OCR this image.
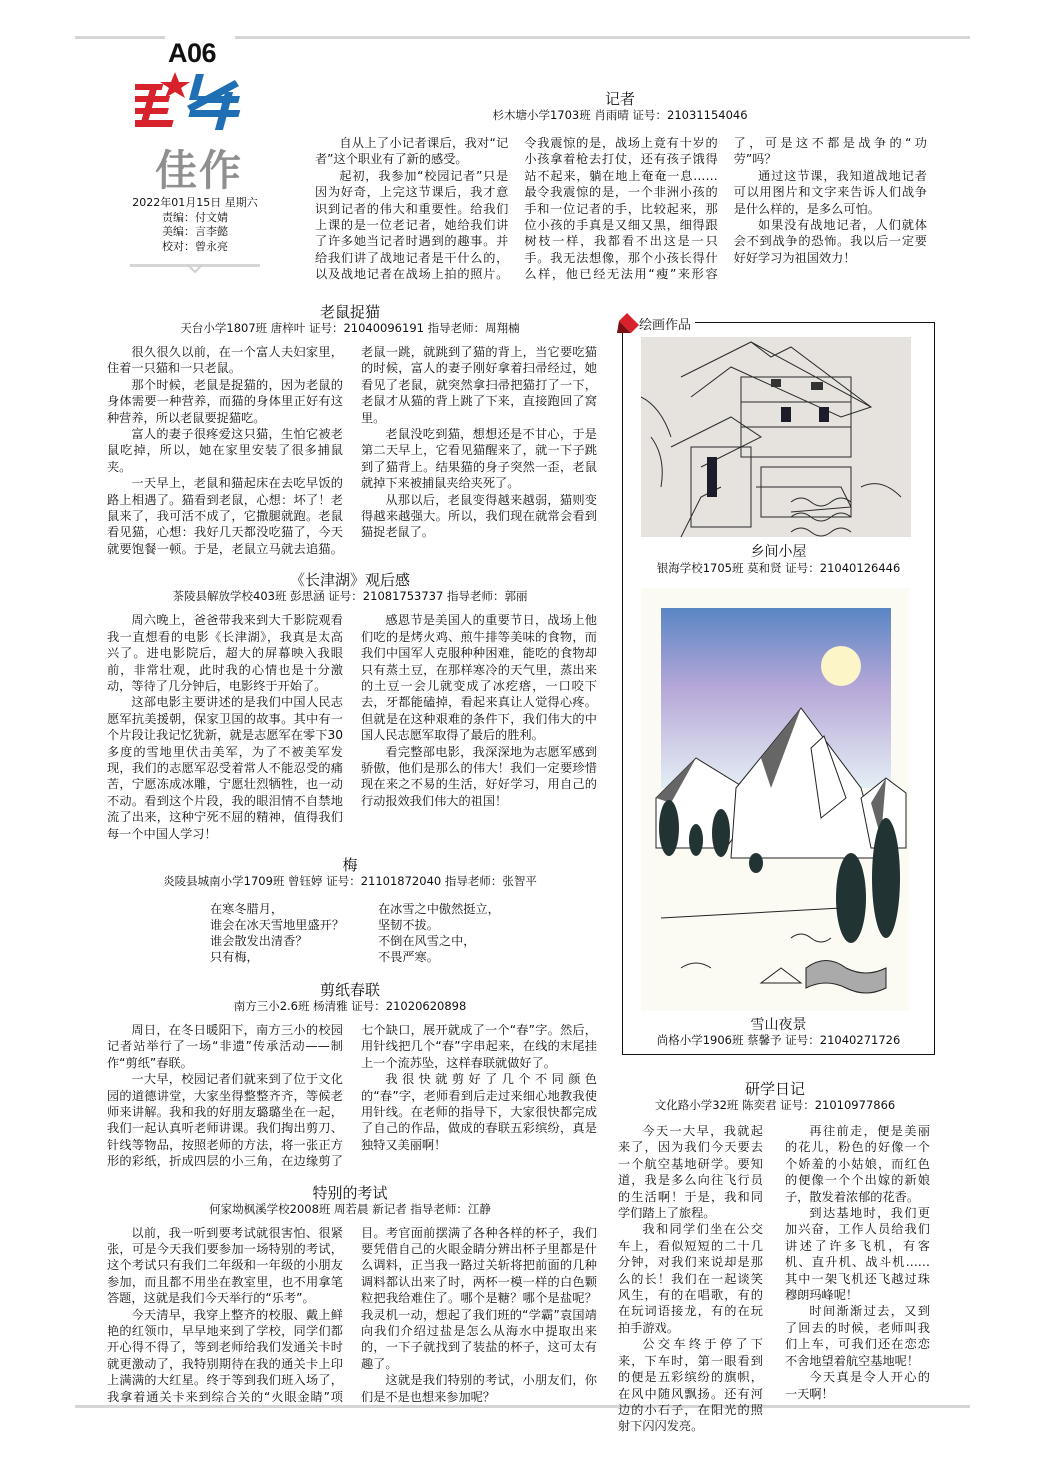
A06
佳作
2022年01月15日 星期六
责编：付文婧
美编：言李懿
校对：曾永亮
记者
杉木塘小学1703班 肖雨晴 证号：21031154046

自从上了小记者课后，我对“记者”这个职业有了新的感受。

起初，我参加“校园记者”只是因为好奇，上完这节课后，我才意识到记者的伟大和重要性。给我们上课的是一位老记者，她给我们讲了许多她当记者时遇到的趣事。并给我们讲了战地记者是干什么的，以及战地记者在战场上拍的照片。令我震惊的是，战场上竟有十岁的小孩拿着枪去打仗，还有孩子饿得站不起来，躺在地上奄奄一息……最令我震惊的是，一个非洲小孩的手和一位记者的手，比较起来，那位小孩的手真是又细又黑，细得跟树枝一样，我都看不出这是一只手。我无法想像，那个小孩长得什么样，他已经无法用“瘦”来形容了，可是这不都是战争的“功劳”吗？

通过这节课，我知道战地记者可以用图片和文字来告诉人们战争是什么样的，是多么可怕。

如果没有战地记者，人们就体会不到战争的恐怖。我以后一定要好好学习为祖国效力！

老鼠捉猫
天台小学1807班 唐梓叶 证号：21040096191 指导老师：周翔楠

很久很久以前，在一个富人夫妇家里，住着一只猫和一只老鼠。

那个时候，老鼠是捉猫的，因为老鼠的身体需要一种营养，而猫的身体里正好有这种营养，所以老鼠要捉猫吃。

富人的妻子很疼爱这只猫，生怕它被老鼠吃掉，所以，她在家里安装了很多捕鼠夹。

一天早上，老鼠和猫起床在去吃早饭的路上相遇了。猫看到老鼠，心想：坏了！老鼠来了，我可活不成了，它撒腿就跑。老鼠看见猫，心想：我好几天都没吃猫了，今天就要饱餐一顿。于是，老鼠立马就去追猫。老鼠一跳，就跳到了猫的背上，当它要吃猫的时候，富人的妻子刚好拿着扫帚经过，她看见了老鼠，就突然拿扫帚把猫打了一下，老鼠才从猫的背上跳了下来，直接跑回了窝里。

老鼠没吃到猫，想想还是不甘心，于是第二天早上，它看见猫醒来了，就一下子跳到了猫背上。结果猫的身子突然一歪，老鼠就掉下来被捕鼠夹给夹死了。

从那以后，老鼠变得越来越弱，猫则变得越来越强大。所以，我们现在就常会看到猫捉老鼠了。

《长津湖》观后感
茶陵县解放学校403班 彭思涵 证号：21081753737 指导老师：郭丽

周六晚上，爸爸带我来到大千影院观看我一直想看的电影《长津湖》，我真是太高兴了。进电影院后，超大的屏幕映入我眼前，非常壮观，此时我的心情也是十分激动，等待了几分钟后，电影终于开始了。

这部电影主要讲述的是我们中国人民志愿军抗美援朝，保家卫国的故事。其中有一个片段让我记忆犹新，就是志愿军在零下30多度的雪地里伏击美军，为了不被美军发现，我们的志愿军忍受着常人不能忍受的痛苦，宁愿冻成冰雕，宁愿壮烈牺牲，也一动不动。看到这个片段，我的眼泪情不自禁地流了出来，这种宁死不屈的精神，值得我们每一个中国人学习！

感恩节是美国人的重要节日，战场上他们吃的是烤火鸡、煎牛排等美味的食物，而我们中国军人克服种种困难，能吃的食物却只有蒸土豆，在那样寒冷的天气里，蒸出来的土豆一会儿就变成了冰疙瘩，一口咬下去，牙都能磕掉，看起来真让人觉得心疼。但就是在这种艰难的条件下，我们伟大的中国人民志愿军取得了最后的胜利。

看完整部电影，我深深地为志愿军感到骄傲，他们是那么的伟大！我们一定要珍惜现在来之不易的生活，好好学习，用自己的行动报效我们伟大的祖国！

梅
炎陵县城南小学1709班 曾钰婷 证号：21101872040 指导老师：张智平
在寒冬腊月，
谁会在冰天雪地里盛开？
谁会散发出清香？
只有梅，
在冰雪之中傲然挺立，
坚韧不拔。
不倒在风雪之中，
不畏严寒。
剪纸春联
南方三小2.6班 杨清雅 证号：21020620898

周日，在冬日暖阳下，南方三小的校园记者站举行了一场“非遗”传承活动——制作“剪纸”春联。

一大早，校园记者们就来到了位于文化园的道德讲堂，大家坐得整整齐齐，等候老师来讲解。我和我的好朋友璐璐坐在一起，我们一起认真听老师讲课。我们掏出剪刀、针线等物品，按照老师的方法，将一张正方形的彩纸，折成四层的小三角，在边缘剪了七个缺口，展开就成了一个“春”字。然后，用针线把几个“春”字串起来，在线的末尾挂上一个流苏坠，这样春联就做好了。

我很快就剪好了几个不同颜色的“春”字，老师看到后走过来细心地教我使用针线。在老师的指导下，大家很快都完成了自己的作品，做成的春联五彩缤纷，真是独特又美丽啊！

特别的考试
何家坳枫溪学校2008班 周若晨 新记者 指导老师：江静

以前，我一听到要考试就很害怕、很紧张，可是今天我们要参加一场特别的考试，这个考试只有我们二年级和一年级的小朋友参加，而且都不用坐在教室里，也不用拿笔答题，这就是我们今天举行的“乐考”。

今天清早，我穿上整齐的校服、戴上鲜艳的红领巾，早早地来到了学校，同学们都开心得不得了，等到老师给我们发通关卡时就更激动了，我特别期待在我的通关卡上印上满满的大红星。终于等到我们班入场了，我拿着通关卡来到综合关的“火眼金睛”项目。考官面前摆满了各种各样的杯子，我们要凭借自己的火眼金睛分辨出杯子里都是什么调料，正当我一路过关斩将把前面的几种调料都认出来了时，两杯一模一样的白色颗粒把我给难住了。哪个是糖？哪个是盐呢？我灵机一动，想起了我们班的“学霸”袁国靖向我们介绍过盐是怎么从海水中提取出来的，一下子就找到了装盐的杯子，这可太有趣了。

这就是我们特别的考试，小朋友们，你们是不是也想来参加呢？

绘画作品
乡间小屋
银海学校1705班 莫和贤 证号：21040126446
雪山夜景
尚格小学1906班 蔡馨予 证号：21040271726
研学日记
文化路小学32班 陈奕君 证号：21010977866

今天一大早，我就起来了，因为我们今天要去一个航空基地研学。要知道，我是多么向往飞行员的生活啊！于是，我和同学们踏上了旅程。

我和同学们坐在公交车上，看似短短的二十几分钟，对我们来说却是那么的长！我们在一起谈笑风生，有的在唱歌，有的在玩词语接龙，有的在玩拍手游戏。

公交车终于停了下来，下车时，第一眼看到的便是五彩缤纷的旗帜，在风中随风飘扬。还有河边的小石子，在阳光的照射下闪闪发亮。

再往前走，便是美丽的花儿，粉色的好像一个个娇羞的小姑娘，而红色的便像一个个出嫁的新娘子，散发着浓郁的花香。

到达基地时，我们更加兴奋，工作人员给我们讲述了许多飞机，有客机、直升机、战斗机……其中一架飞机还飞越过珠穆朗玛峰呢！

时间渐渐过去，又到了回去的时候，老师叫我们上车，可我们还在恋恋不舍地望着航空基地呢！

今天真是令人开心的一天啊！
